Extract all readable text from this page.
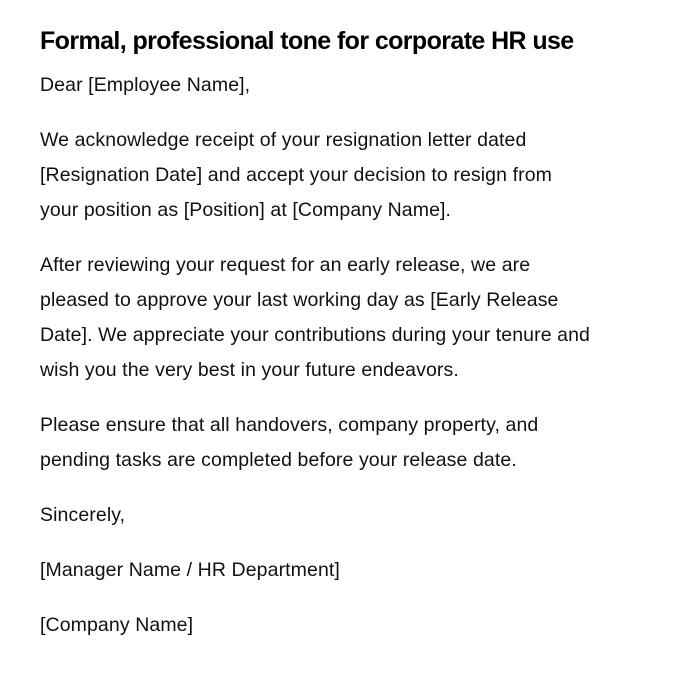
Formal, professional tone for corporate HR use

Dear [Employee Name],

We acknowledge receipt of your resignation letter dated
[Resignation Date] and accept your decision to resign from
your position as [Position] at [Company Name].

After reviewing your request for an early release, we are
pleased to approve your last working day as [Early Release
Date]. We appreciate your contributions during your tenure and
wish you the very best in your future endeavors.

Please ensure that all handovers, company property, and
pending tasks are completed before your release date.

Sincerely,

[Manager Name / HR Department]

[Company Name]
